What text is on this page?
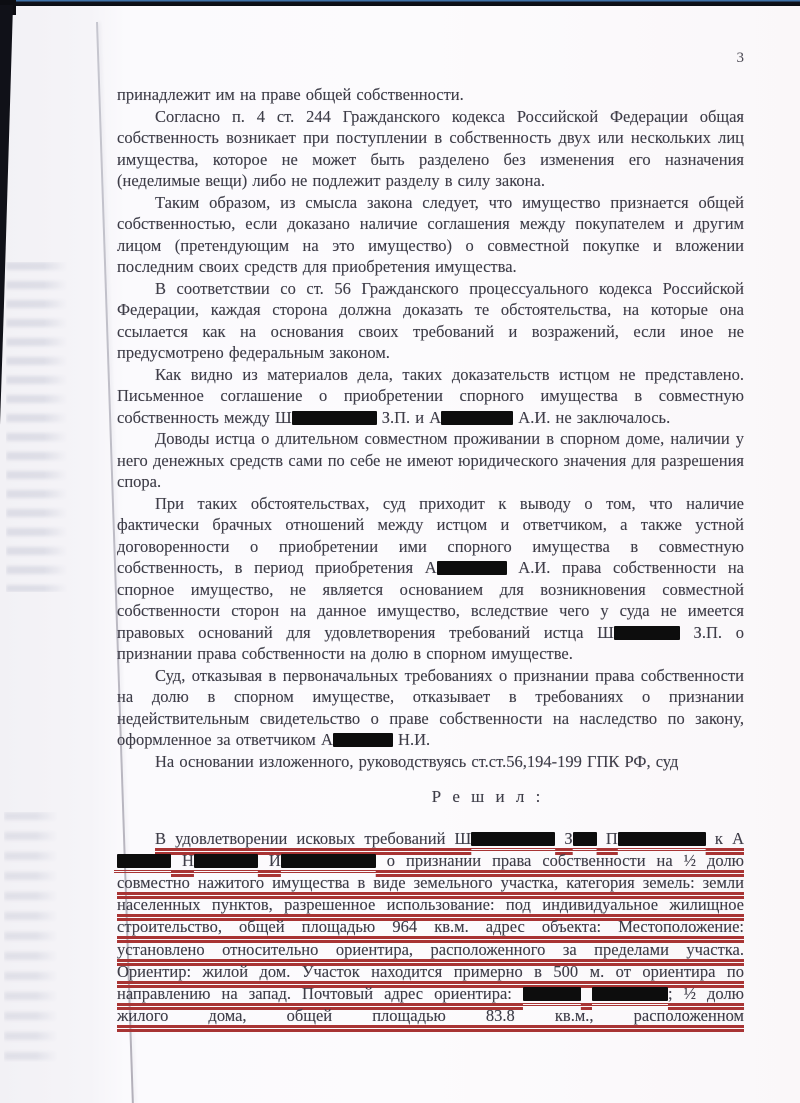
3

принадлежит им на праве общей собственности.

Согласно п. 4 ст. 244 Гражданского кодекса Российской Федерации общая собственность возникает при поступлении в собственность двух или нескольких лиц имущества, которое не может быть разделено без изменения его назначения (неделимые вещи) либо не подлежит разделу в силу закона.

Таким образом, из смысла закона следует, что имущество признается общей собственностью, если доказано наличие соглашения между покупателем и другим лицом (претендующим на это имущество) о совместной покупке и вложении последним своих средств для приобретения имущества.

В соответствии со ст. 56 Гражданского процессуального кодекса Российской Федерации, каждая сторона должна доказать те обстоятельства, на которые она ссылается как на основания своих требований и возражений, если иное не предусмотрено федеральным законом.

Как видно из материалов дела, таких доказательств истцом не представлено. Письменное соглашение о приобретении спорного имущества в совместную собственность между Ш	З.П. и А	А.И. не заключалось.

Доводы истца о длительном совместном проживании в спорном доме, наличии у него денежных средств сами по себе не имеют юридического значения для разрешения спора.

При таких обстоятельствах, суд приходит к выводу о том, что наличие фактически брачных отношений между истцом и ответчиком, а также устной договоренности о приобретении ими спорного имущества в совместную собственность, в период приобретения А	А.И. права собственности на спорное имущество, не является основанием для возникновения совместной собственности сторон на данное имущество, вследствие чего у суда не имеется правовых оснований для удовлетворения требований истца Ш	З.П. о признании права собственности на долю в спорном имуществе.

Суд, отказывая в первоначальных требованиях о признании права собственности на долю в спорном имуществе, отказывает в требованиях о признании недействительным свидетельство о праве собственности на наследство по закону, оформленное за ответчиком А	Н.И.

На основании изложенного, руководствуясь ст.ст.56,194-199 ГПК РФ, суд

Р е ш и л :

В удовлетворении исковых требований Ш	З П	к А Н	И	о признании права собственности на ½ долю совместно нажитого имущества в виде земельного участка, категория земель: земли населенных пунктов, разрешенное использование: под индивидуальное жилищное строительство, общей площадью 964 кв.м. адрес объекта: Местоположение: установлено относительно ориентира, расположенного за пределами участка. Ориентир: жилой дом. Участок находится примерно в 500 м. от ориентира по направлению на запад. Почтовый адрес ориентира:	; ½ долю жилого дома, общей площадью 83.8 кв.м., расположенном
